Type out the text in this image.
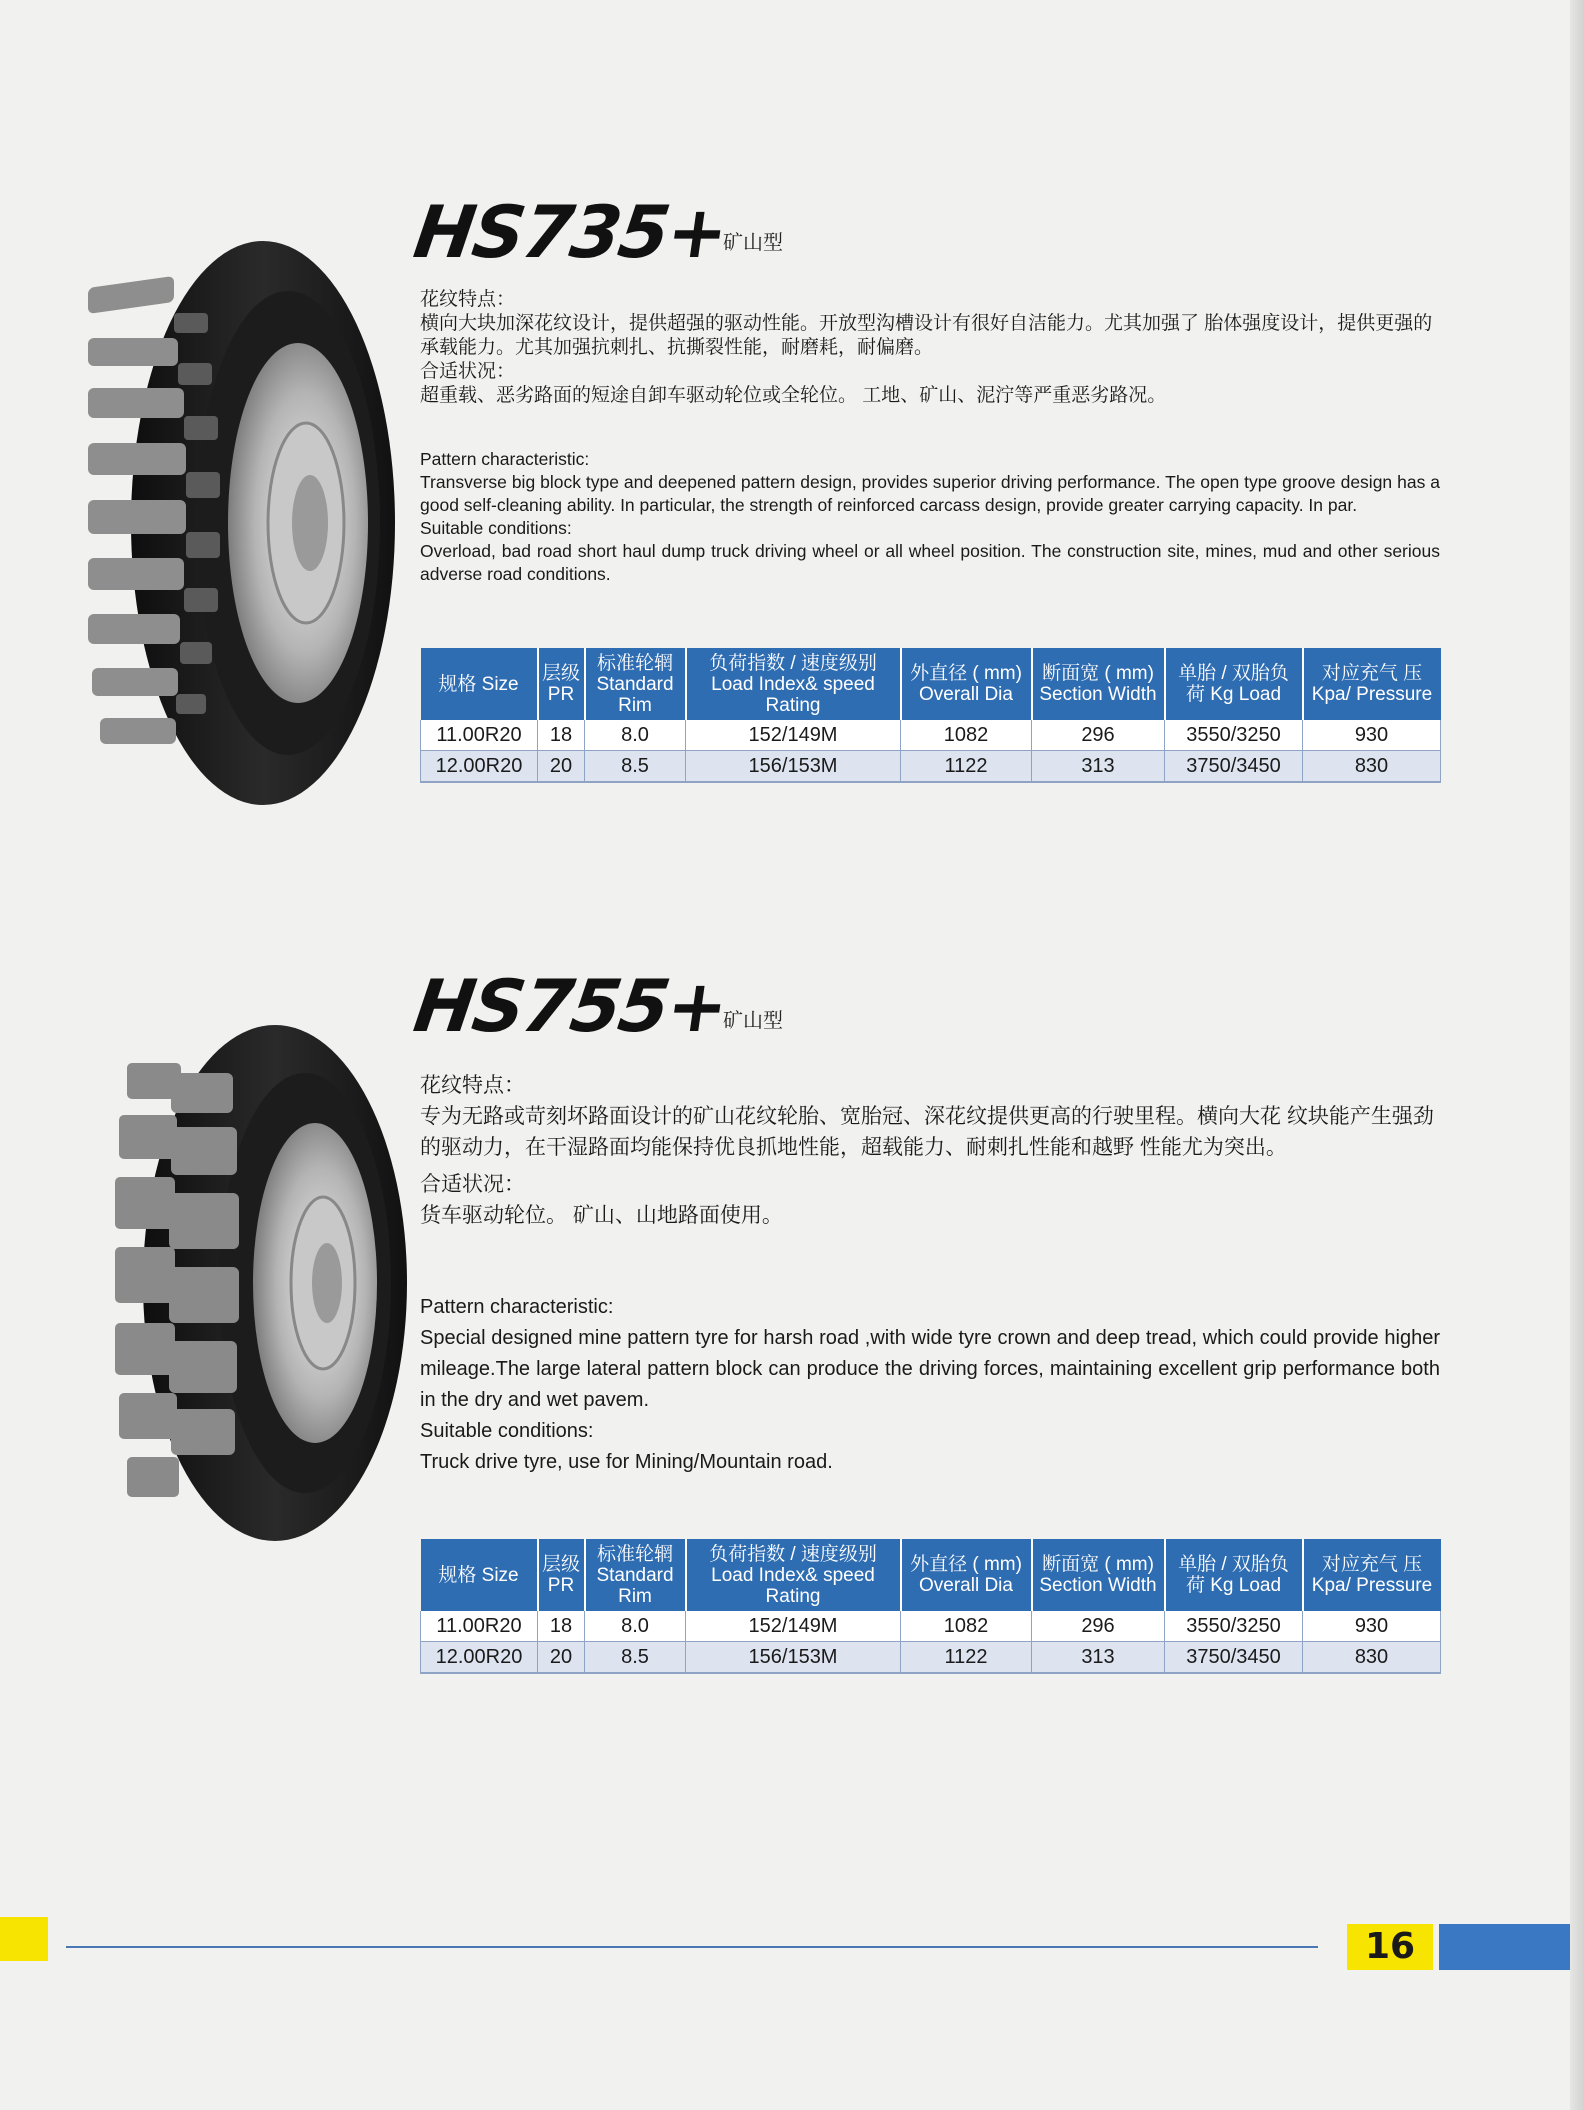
HS735+
矿山型

花纹特点：

横向大块加深花纹设计，提供超强的驱动性能。开放型沟槽设计有很好自洁能力。尤其加强了 胎体强度设计，提供更强的承载能力。尤其加强抗刺扎、抗撕裂性能，耐磨耗，耐偏磨。

合适状况：

超重载、恶劣路面的短途自卸车驱动轮位或全轮位。 工地、矿山、泥泞等严重恶劣路况。

Pattern characteristic:

Transverse big block type and deepened pattern design, provides superior driving performance. The open type groove design has a good self-cleaning ability. In particular, the strength of reinforced carcass design, provide greater carrying capacity. In par.

Suitable conditions:

Overload, bad road short haul dump truck driving wheel or all wheel position. The construction site, mines, mud and other serious adverse road conditions.

规格 Size	层级 PR	标准轮辋 Standard Rim	负荷指数 / 速度级别 Load Index& speed Rating	外直径 ( mm) Overall Dia	断面宽 ( mm) Section Width	单胎 / 双胎负 荷 Kg Load	对应充气 压 Kpa/ Pressure
11.00R20	18	8.0	152/149M	1082	296	3550/3250	930
12.00R20	20	8.5	156/153M	1122	313	3750/3450	830
HS755+
矿山型

花纹特点：

专为无路或苛刻坏路面设计的矿山花纹轮胎、宽胎冠、深花纹提供更高的行驶里程。横向大花 纹块能产生强劲的驱动力，在干湿路面均能保持优良抓地性能，超载能力、耐刺扎性能和越野 性能尤为突出。

合适状况：

货车驱动轮位。 矿山、山地路面使用。

Pattern characteristic:

Special designed mine pattern tyre for harsh road ,with wide tyre crown and deep tread, which could provide higher mileage.The large lateral pattern block can produce the driving forces, maintaining excellent grip performance both in the dry and wet pavem.

Suitable conditions:

Truck drive tyre, use for Mining/Mountain road.

规格 Size	层级 PR	标准轮辋 Standard Rim	负荷指数 / 速度级别 Load Index& speed Rating	外直径 ( mm) Overall Dia	断面宽 ( mm) Section Width	单胎 / 双胎负 荷 Kg Load	对应充气 压 Kpa/ Pressure
11.00R20	18	8.0	152/149M	1082	296	3550/3250	930
12.00R20	20	8.5	156/153M	1122	313	3750/3450	830
16
